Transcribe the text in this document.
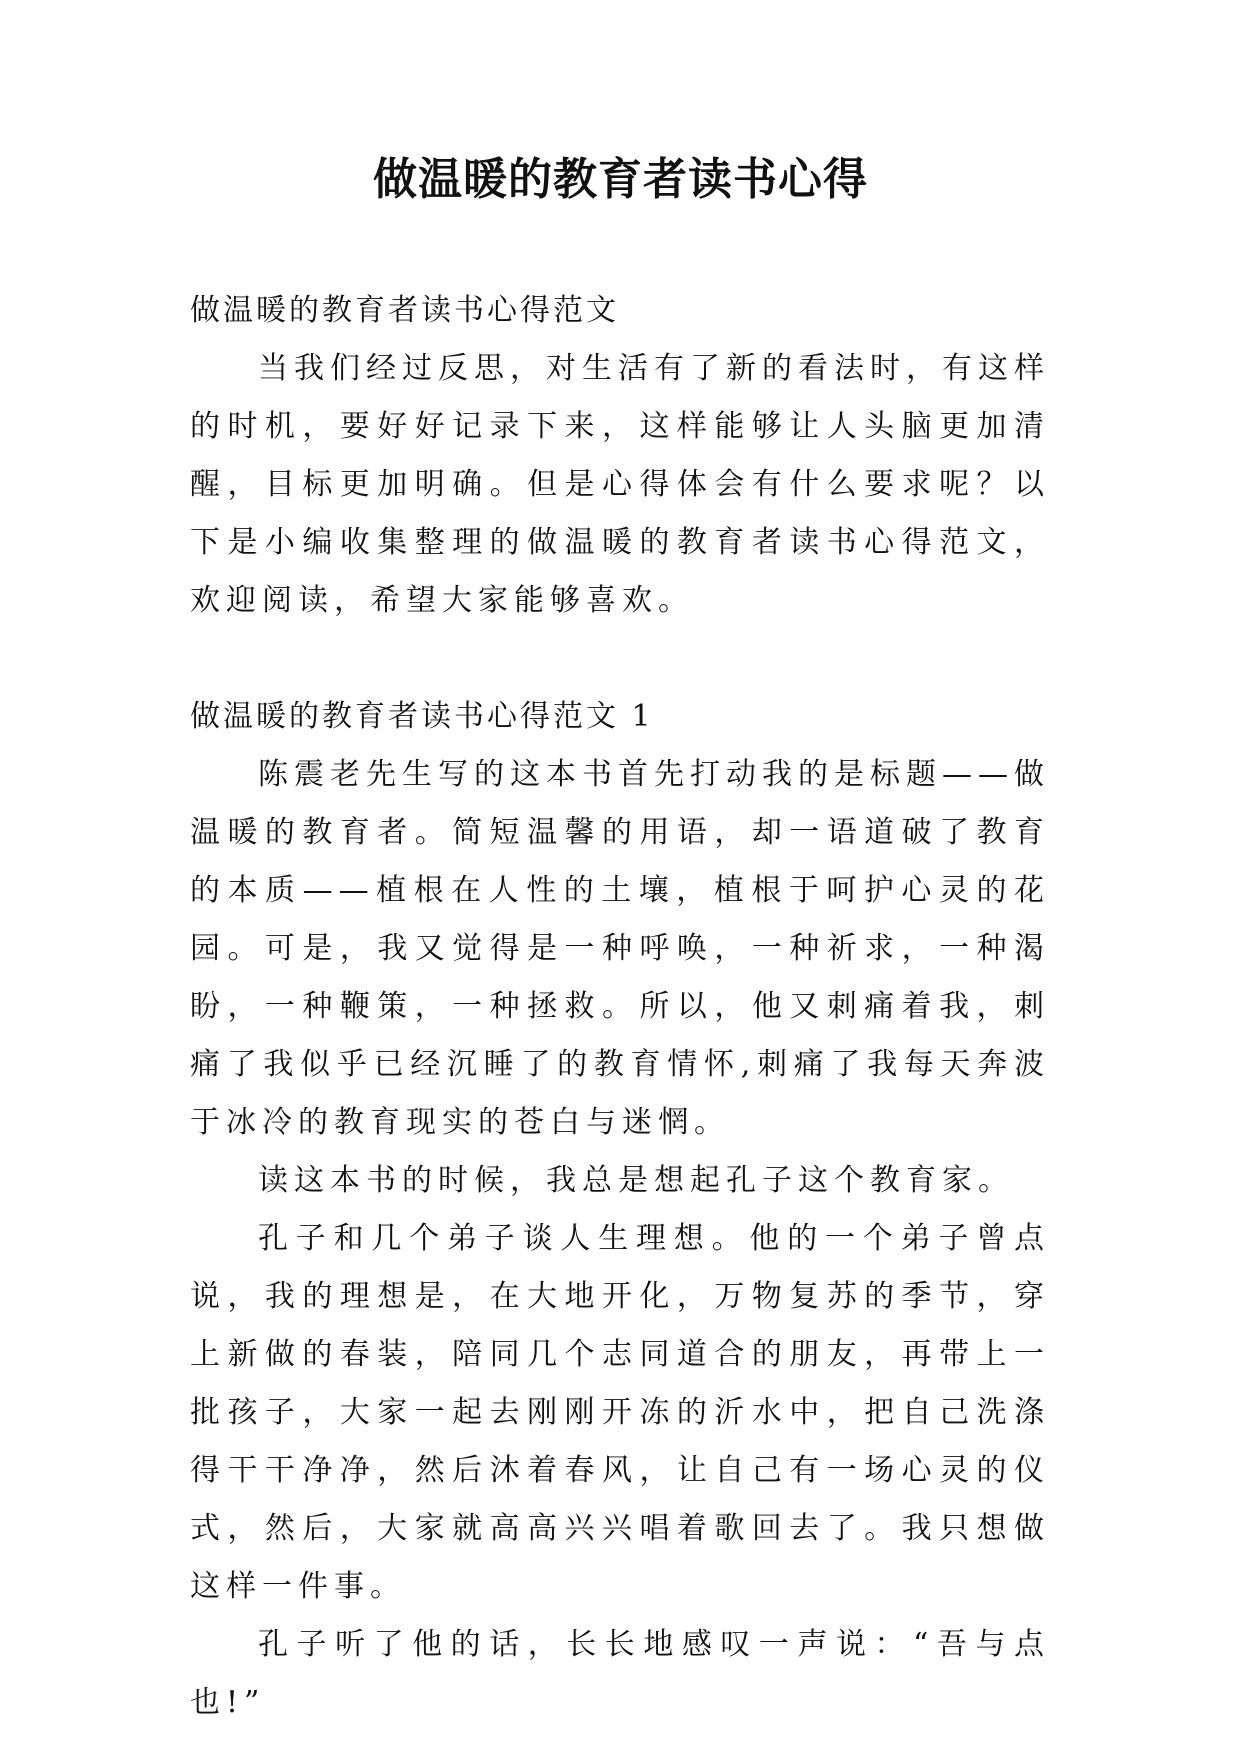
做温暖的教育者读书心得

做温暖的教育者读书心得范文

当我们经过反思，对生活有了新的看法时，有这样的时机，要好好记录下来，这样能够让人头脑更加清醒，目标更加明确。但是心得体会有什么要求呢？以下是小编收集整理的做温暖的教育者读书心得范文，欢迎阅读，希望大家能够喜欢。

做温暖的教育者读书心得范文 1

陈震老先生写的这本书首先打动我的是标题——做温暖的教育者。简短温馨的用语，却一语道破了教育的本质——植根在人性的土壤，植根于呵护心灵的花园。可是，我又觉得是一种呼唤，一种祈求，一种渴盼，一种鞭策，一种拯救。所以，他又刺痛着我，刺痛了我似乎已经沉睡了的教育情怀,刺痛了我每天奔波于冰冷的教育现实的苍白与迷惘。

读这本书的时候，我总是想起孔子这个教育家。

孔子和几个弟子谈人生理想。他的一个弟子曾点说，我的理想是，在大地开化，万物复苏的季节，穿上新做的春装，陪同几个志同道合的朋友，再带上一批孩子，大家一起去刚刚开冻的沂水中，把自己洗涤得干干净净，然后沐着春风，让自己有一场心灵的仪式，然后，大家就高高兴兴唱着歌回去了。我只想做这样一件事。

孔子听了他的话，长长地感叹一声说：“吾与点也!”
